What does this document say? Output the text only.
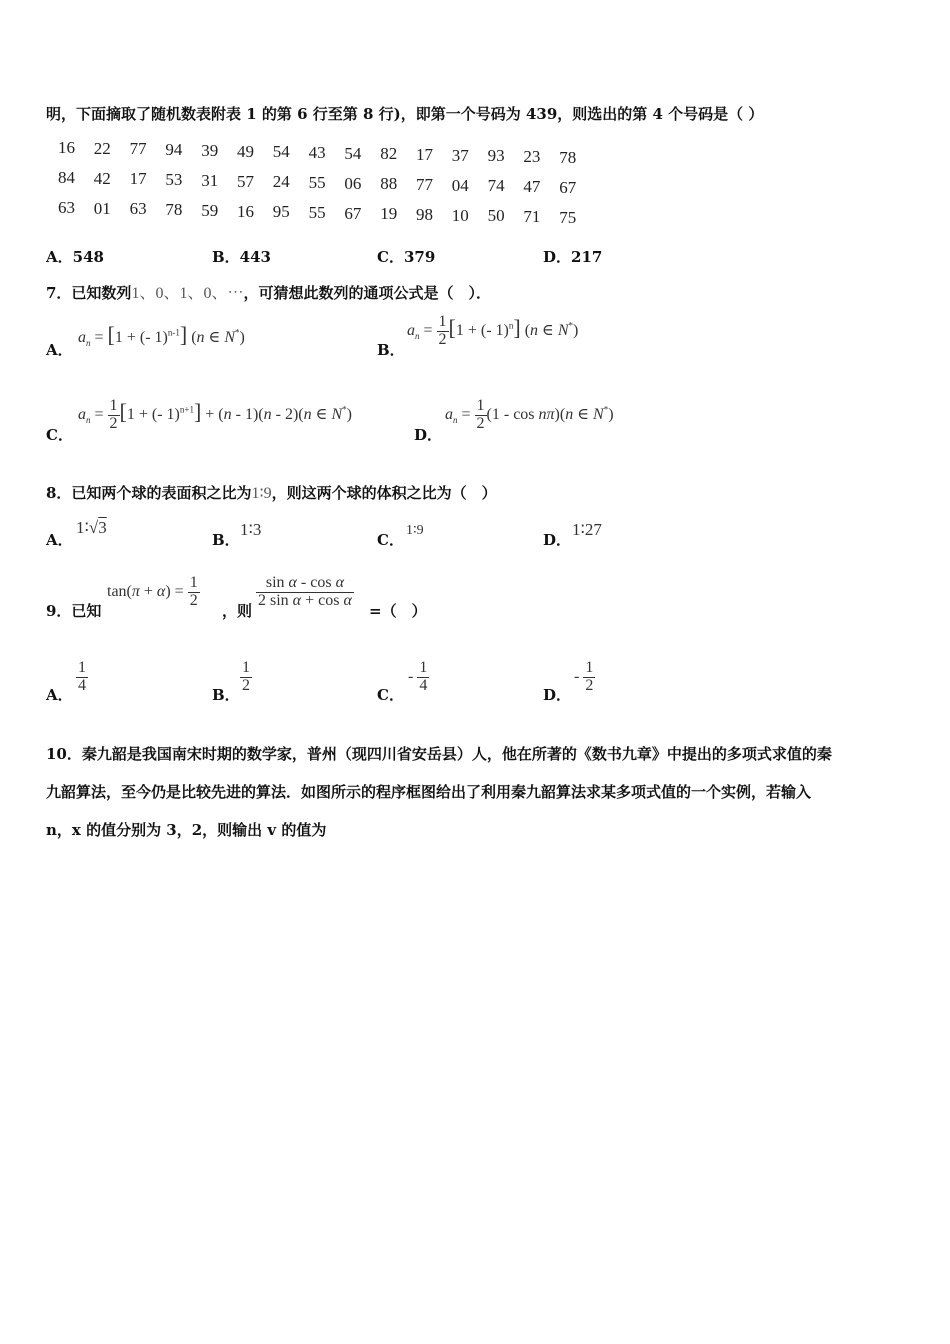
明，下面摘取了随机数表附表 1 的第 6 行至第 8 行)，即第一个号码为 439，则选出的第 4 个号码是（ ）
16 22 77 94 39 49 54 43 54 82 17 37 93 23 78
84 42 17 53 31 57 24 55 06 88 77 04 74 47 67
63 01 63 78 59 16 95 55 67 19 98 10 50 71 75
A．548	B．443	C．379	D．217
7．已知数列1、0、1、0、⋯，可猜想此数列的通项公式是（　）．
A．
$a_n = [1$ + (- 1)$^{n-1}$] (n ∈ N*)
B．
$a_n = \frac{1}{2} [1$ + (- 1)$^n$] (n ∈ N*)
C．
$a_n = \frac{1}{2} [1$ + (- 1)$^{n+1}$] + (n - 1)(n - 2)(n ∈ N*)
D．
$a_n = \frac{1}{2} (1 - \cos n\pi)(n$ ∈ N*)
8．已知两个球的表面积之比为1∶9，则这两个球的体积之比为（　）
A．
1∶√3
B．
1∶3
C．
1∶9
D．
1∶27
9．已知
$\tan(\pi + \alpha) = \frac{1}{2}$
，则
$\frac{\text{sin α - cos α}}{\text{2 sin α + cos α}}$
=（　）
A．
$\frac{1}{4}$
B．
$\frac{1}{2}$
C．
- $\frac{1}{4}$
D．
- $\frac{1}{2}$
10．秦九韶是我国南宋时期的数学家，普州（现四川省安岳县）人，他在所著的《数书九章》中提出的多项式求值的秦
九韶算法，至今仍是比较先进的算法．如图所示的程序框图给出了利用秦九韶算法求某多项式值的一个实例，若输入
n，x 的值分别为 3，2，则输出 v 的值为
